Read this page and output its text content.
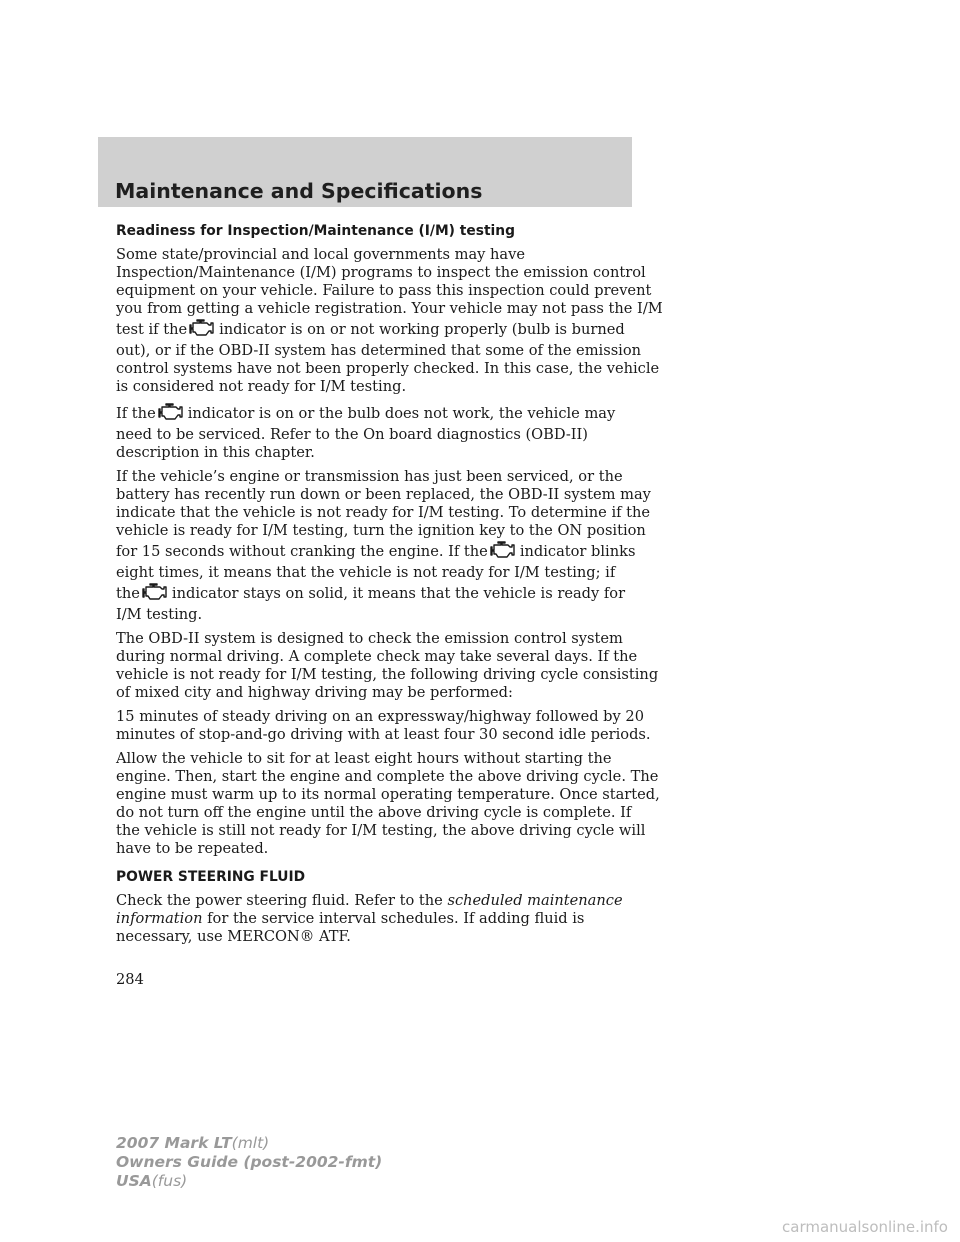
Maintenance and Specifications
Readiness for Inspection/Maintenance (I/M) testing

Some state/provincial and local governments may have
Inspection/Maintenance (I/M) programs to inspect the emission control
equipment on your vehicle. Failure to pass this inspection could prevent
you from getting a vehicle registration. Your vehicle may not pass the I/M
test if the indicator is on or not working properly (bulb is burned
out), or if the OBD-II system has determined that some of the emission
control systems have not been properly checked. In this case, the vehicle
is considered not ready for I/M testing.

If the indicator is on or the bulb does not work, the vehicle may
need to be serviced. Refer to the On board diagnostics (OBD-II)
description in this chapter.

If the vehicle’s engine or transmission has just been serviced, or the
battery has recently run down or been replaced, the OBD-II system may
indicate that the vehicle is not ready for I/M testing. To determine if the
vehicle is ready for I/M testing, turn the ignition key to the ON position
for 15 seconds without cranking the engine. If the indicator blinks
eight times, it means that the vehicle is not ready for I/M testing; if
the indicator stays on solid, it means that the vehicle is ready for
I/M testing.

The OBD-II system is designed to check the emission control system
during normal driving. A complete check may take several days. If the
vehicle is not ready for I/M testing, the following driving cycle consisting
of mixed city and highway driving may be performed:

15 minutes of steady driving on an expressway/highway followed by 20
minutes of stop-and-go driving with at least four 30 second idle periods.

Allow the vehicle to sit for at least eight hours without starting the
engine. Then, start the engine and complete the above driving cycle. The
engine must warm up to its normal operating temperature. Once started,
do not turn off the engine until the above driving cycle is complete. If
the vehicle is still not ready for I/M testing, the above driving cycle will
have to be repeated.

POWER STEERING FLUID

Check the power steering fluid. Refer to the scheduled maintenance
information for the service interval schedules. If adding fluid is
necessary, use MERCON® ATF.

284
2007 Mark LT(mlt)
Owners Guide (post-2002-fmt)
USA(fus)
carmanualsonline.info
